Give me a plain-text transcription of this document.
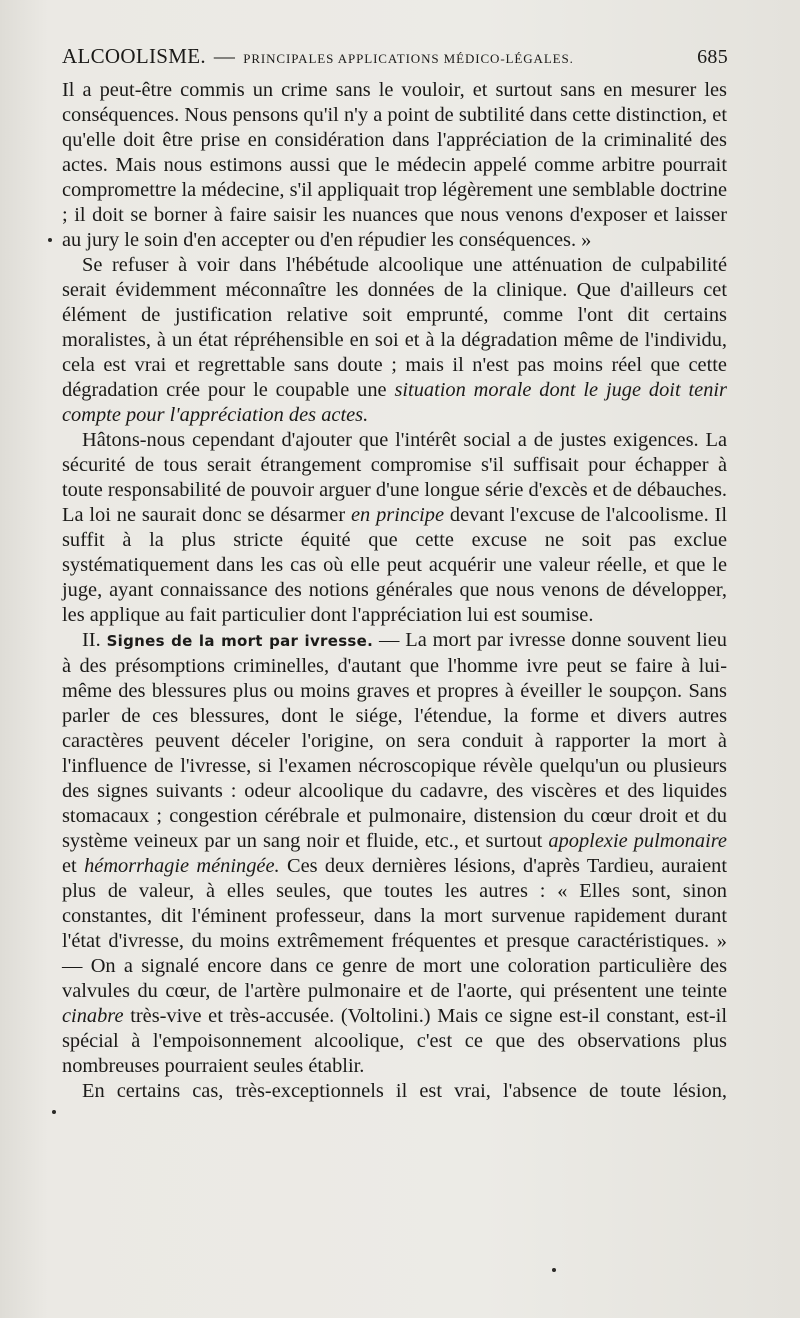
ALCOOLISME. — PRINCIPALES APPLICATIONS MÉDICO-LÉGALES.	685

Il a peut-être commis un crime sans le vouloir, et surtout sans en mesurer les conséquences. Nous pensons qu'il n'y a point de subtilité dans cette distinction, et qu'elle doit être prise en considération dans l'appréciation de la criminalité des actes. Mais nous estimons aussi que le médecin appelé comme arbitre pourrait compromettre la médecine, s'il appliquait trop légèrement une semblable doctrine ; il doit se borner à faire saisir les nuances que nous venons d'exposer et laisser au jury le soin d'en accepter ou d'en répudier les conséquences. »

Se refuser à voir dans l'hébétude alcoolique une atténuation de culpabilité serait évidemment méconnaître les données de la clinique. Que d'ailleurs cet élément de justification relative soit emprunté, comme l'ont dit certains moralistes, à un état répréhensible en soi et à la dégradation même de l'individu, cela est vrai et regrettable sans doute ; mais il n'est pas moins réel que cette dégradation crée pour le coupable une situation morale dont le juge doit tenir compte pour l'appréciation des actes.

Hâtons-nous cependant d'ajouter que l'intérêt social a de justes exigences. La sécurité de tous serait étrangement compromise s'il suffisait pour échapper à toute responsabilité de pouvoir arguer d'une longue série d'excès et de débauches. La loi ne saurait donc se désarmer en principe devant l'excuse de l'alcoolisme. Il suffit à la plus stricte équité que cette excuse ne soit pas exclue systématiquement dans les cas où elle peut acquérir une valeur réelle, et que le juge, ayant connaissance des notions générales que nous venons de développer, les applique au fait particulier dont l'appréciation lui est soumise.

II. Signes de la mort par ivresse. — La mort par ivresse donne souvent lieu à des présomptions criminelles, d'autant que l'homme ivre peut se faire à lui-même des blessures plus ou moins graves et propres à éveiller le soupçon. Sans parler de ces blessures, dont le siége, l'étendue, la forme et divers autres caractères peuvent déceler l'origine, on sera conduit à rapporter la mort à l'influence de l'ivresse, si l'examen nécroscopique révèle quelqu'un ou plusieurs des signes suivants : odeur alcoolique du cadavre, des viscères et des liquides stomacaux ; congestion cérébrale et pulmonaire, distension du cœur droit et du système veineux par un sang noir et fluide, etc., et surtout apoplexie pulmonaire et hémorrhagie méningée. Ces deux dernières lésions, d'après Tardieu, auraient plus de valeur, à elles seules, que toutes les autres : « Elles sont, sinon constantes, dit l'éminent professeur, dans la mort survenue rapidement durant l'état d'ivresse, du moins extrêmement fréquentes et presque caractéristiques. » — On a signalé encore dans ce genre de mort une coloration particulière des valvules du cœur, de l'artère pulmonaire et de l'aorte, qui présentent une teinte cinabre très-vive et très-accusée. (Voltolini.) Mais ce signe est-il constant, est-il spécial à l'empoisonnement alcoolique, c'est ce que des observations plus nombreuses pourraient seules établir.

En certains cas, très-exceptionnels il est vrai, l'absence de toute lésion,
